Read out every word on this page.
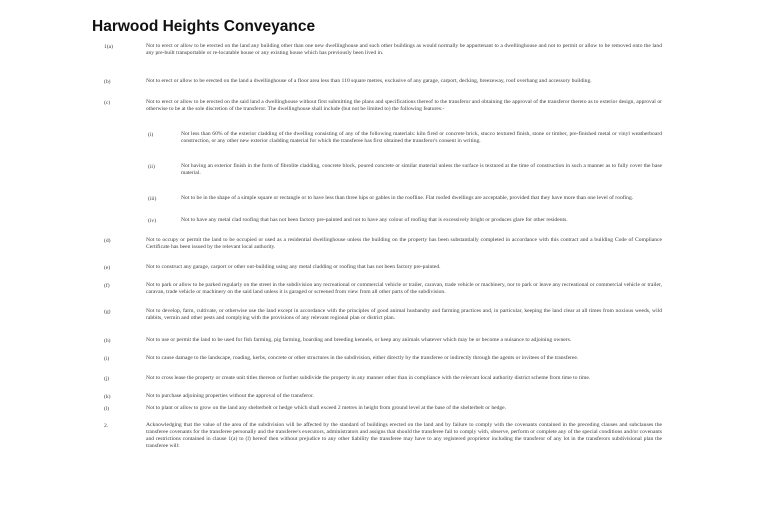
Harwood Heights Conveyance
1(a)	Not to erect or allow to be erected on the land any building other than one new dwellinghouse and such other buildings as would normally be appurtenant to a dwellinghouse and not to permit or allow to be removed onto the land any pre-built transportable or re-locatable house or any existing house which has previously been lived in.
(b)	Not to erect or allow to be erected on the land a dwellinghouse of a floor area less than 110 square metres, exclusive of any garage, carport, decking, breezeway, roof overhang and accessory building.
(c)	Not to erect or allow to be erected on the said land a dwellinghouse without first submitting the plans and specifications thereof to the transferor and obtaining the approval of the transferor thereto as to exterior design, approval or otherwise to be at the sole discretion of the transferor. The dwellinghouse shall include (but not be limited to) the following features:-
(i)	Not less than 60% of the exterior cladding of the dwelling consisting of any of the following materials: kiln fired or concrete brick, stucco textured finish, stone or timber, pre-finished metal or vinyl weatherboard construction, or any other new exterior cladding material for which the transferee has first obtained the transferor's consent in writing.
(ii)	Not having an exterior finish in the form of fibrolite cladding, concrete block, poured concrete or similar material unless the surface is textured at the time of construction in such a manner as to fully cover the base material.
(iii)	Not to be in the shape of a simple square or rectangle or to have less than three hips or gables in the roofline. Flat roofed dwellings are acceptable, provided that they have more than one level of roofing.
(iv)	Not to have any metal clad roofing that has not been factory pre-painted and not to have any colour of roofing that is excessively bright or produces glare for other residents.
(d)	Not to occupy or permit the land to be occupied or used as a residential dwellinghouse unless the building on the property has been substantially completed in accordance with this contract and a building Code of Compliance Certificate has been issued by the relevant local authority.
(e)	Not to construct any garage, carport or other out-building using any metal cladding or roofing that has not been factory pre-painted.
(f)	Not to park or allow to be parked regularly on the street in the subdivision any recreational or commercial vehicle or trailer, caravan, trade vehicle or machinery, nor to park or leave any recreational or commercial vehicle or trailer, caravan, trade vehicle or machinery on the said land unless it is garaged or screened from view from all other parts of the subdivision.
(g)	Not to develop, farm, cultivate, or otherwise use the land except in accordance with the principles of good animal husbandry and farming practices and, in particular, keeping the land clear at all times from noxious weeds, wild rabbits, vermin and other pests and complying with the provisions of any relevant regional plan or district plan.
(h)	Not to use or permit the land to be used for fish farming, pig farming, boarding and breeding kennels, or keep any animals whatever which may be or become a nuisance to adjoining owners.
(i)	Not to cause damage to the landscape, roading, kerbs, concrete or other structures in the subdivision, either directly by the transferee or indirectly through the agents or invitees of the transferee.
(j)	Not to cross lease the property or create unit titles thereon or further subdivide the property in any manner other than in compliance with the relevant local authority district scheme from time to time.
(k)	Not to purchase adjoining properties without the approval of the transferor.
(l)	Not to plant or allow to grow on the land any shelterbelt or hedge which shall exceed 2 metres in height from ground level at the base of the shelterbelt or hedge.
2.	Acknowledging that the value of the area of the subdivision will be affected by the standard of buildings erected on the land and by failure to comply with the covenants contained in the preceding clauses and subclauses the transferee covenants for the transferee personally and the transferee's executors, administrators and assigns that should the transferee fail to comply with, observe, perform or complete any of the special conditions and/or covenants and restrictions contained in clause 1(a) to (l) hereof then without prejudice to any other liability the transferee may have to any registered proprietor including the transferor of any lot in the transferors subdivisional plan the transferee will:
